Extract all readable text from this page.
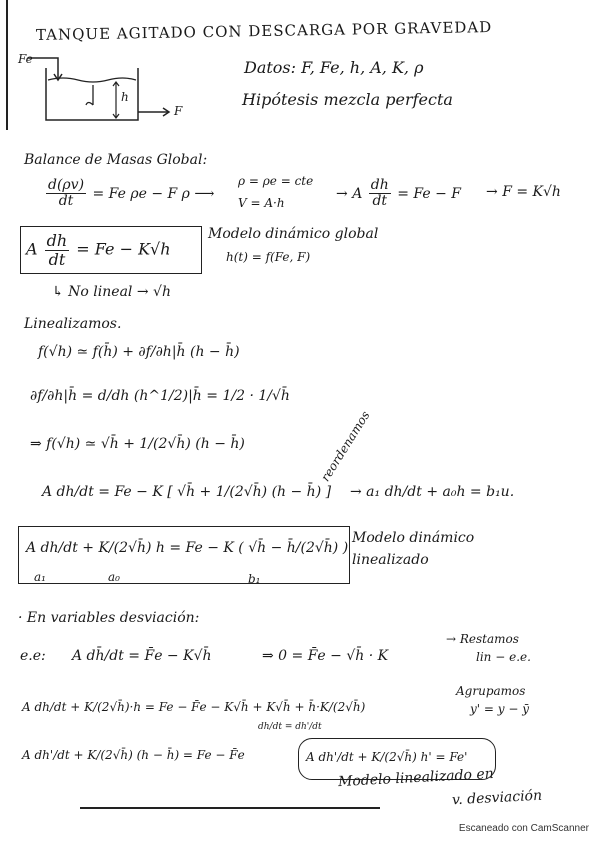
TANQUE AGITADO CON DESCARGA POR GRAVEDAD
Fe
h
F
Datos: F, Fe, h, A, K, ρ
Hipótesis mezcla perfecta
Balance de Masas Global:
$\frac{d(\rho v)}{dt} = Fe$ ρe − F ρ ⟶
ρ = ρe = cte
V = A·h
→ A $\frac{dh}{dt} = Fe - F \to F = K√h$
A $\frac{dh}{dt} = Fe - K√h$
Modelo dinámico global
h(t) = f(Fe, F)
↳ No lineal → √h
Linealizamos.
f(√h) ≃ f(h̄) + ∂f/∂h|h̄ (h − h̄)
∂f/∂h|h̄ = d/dh (h^1/2)|h̄ = 1/2 · 1/√h̄
⇒ f(√h) ≃ √h̄ + 1/(2√h̄) (h − h̄)
A dh/dt = Fe − K [ √h̄ + 1/(2√h̄) (h − h̄) ]
reordenamos
→ a₁ dh/dt + a₀h = b₁u.
A dh/dt + K/(2√h̄) h = Fe − K ( √h̄ − h̄/(2√h̄) )
a₁	a₀	b₁
Modelo dinámico
linealizado
· En variables desviación:
e.e: A dh̄/dt = F̄e − K√h̄	⇒ 0 = F̄e − √h̄ · K
→ Restamos
lin − e.e.
A dh/dt + K/(2√h̄)·h = Fe − F̄e − K√h̄ + K√h̄ + h̄·K/(2√h̄)
Agrupamos
y' = y − ȳ
A dh'/dt + K/(2√h̄) (h − h̄) = Fe − F̄e
dh/dt = dh'/dt
A dh'/dt + K/(2√h̄) h' = Fe'
Modelo linealizado en
v. desviación
Escaneado con CamScanner
